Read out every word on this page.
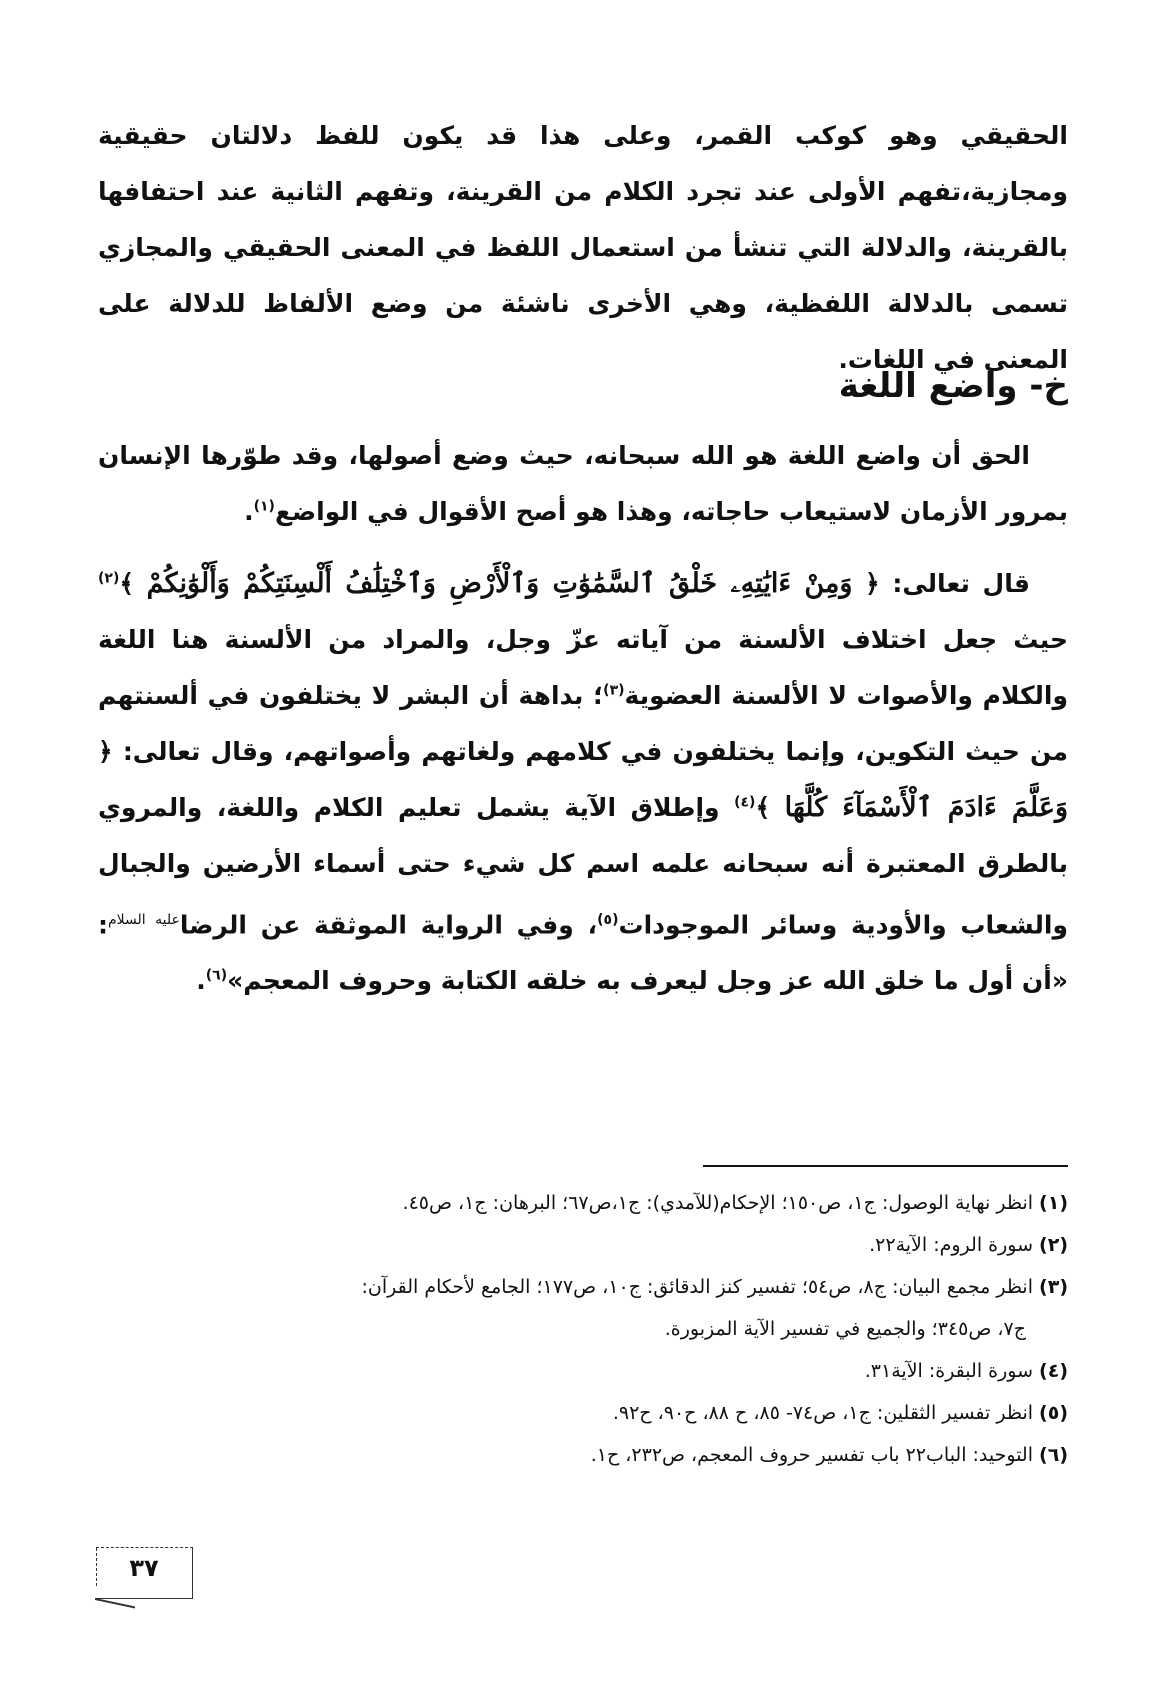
الحقيقي وهو كوكب القمر، وعلى هذا قد يكون للفظ دلالتان حقيقية ومجازية،تفهم الأولى عند تجرد الكلام من القرينة، وتفهم الثانية عند احتفافها بالقرينة، والدلالة التي تنشأ من استعمال اللفظ في المعنى الحقيقي والمجازي تسمى بالدلالة اللفظية، وهي الأخرى ناشئة من وضع الألفاظ للدلالة على المعنى في اللغات.

خ- واضع اللغة

الحق أن واضع اللغة هو الله سبحانه، حيث وضع أصولها، وقد طوّرها الإنسان بمرور الأزمان لاستيعاب حاجاته، وهذا هو أصح الأقوال في الواضع$^{(١)}$.

قال تعالى: ﴿ وَمِنْ ءَايَٰتِهِۦ خَلْقُ ٱلسَّمَٰوَٰتِ وَٱلْأَرْضِ وَٱخْتِلَٰفُ أَلْسِنَتِكُمْ وَأَلْوَٰنِكُمْ ﴾$^{(٢)}$ حيث جعل اختلاف الألسنة من آياته عزّ وجل، والمراد من الألسنة هنا اللغة والكلام والأصوات لا الألسنة العضوية$^{(٣)}$؛ بداهة أن البشر لا يختلفون في ألسنتهم من حيث التكوين، وإنما يختلفون في كلامهم ولغاتهم وأصواتهم، وقال تعالى: ﴿ وَعَلَّمَ ءَادَمَ ٱلْأَسْمَآءَ كُلَّهَا ﴾$^{(٤)}$ وإطلاق الآية يشمل تعليم الكلام واللغة، والمروي بالطرق المعتبرة أنه سبحانه علمه اسم كل شيء حتى أسماء الأرضين والجبال والشعاب والأودية وسائر الموجودات$^{(٥)}$، وفي الرواية الموثقة عن الرضا$^{عليه السلام}$: «أن أول ما خلق الله عز وجل ليعرف به خلقه الكتابة وحروف المعجم»$^{(٦)}$.

(١)انظر نهاية الوصول: ج١، ص١٥٠؛ الإحكام(للآمدي): ج١،ص٦٧؛ البرهان: ج١، ص٤٥.
(٢)سورة الروم: الآية٢٢.
(٣)انظر مجمع البيان: ج٨، ص٥٤؛ تفسير كنز الدقائق: ج١٠، ص١٧٧؛ الجامع لأحكام القرآن:
ج٧، ص٣٤٥؛ والجميع في تفسير الآية المزبورة.
(٤)سورة البقرة: الآية٣١.
(٥)انظر تفسير الثقلين: ج١، ص٧٤- ٨٥، ح ٨٨، ح٩٠، ح٩٢.
(٦)التوحيد: الباب٢٢ باب تفسير حروف المعجم، ص٢٣٢، ح١.
٣٧
